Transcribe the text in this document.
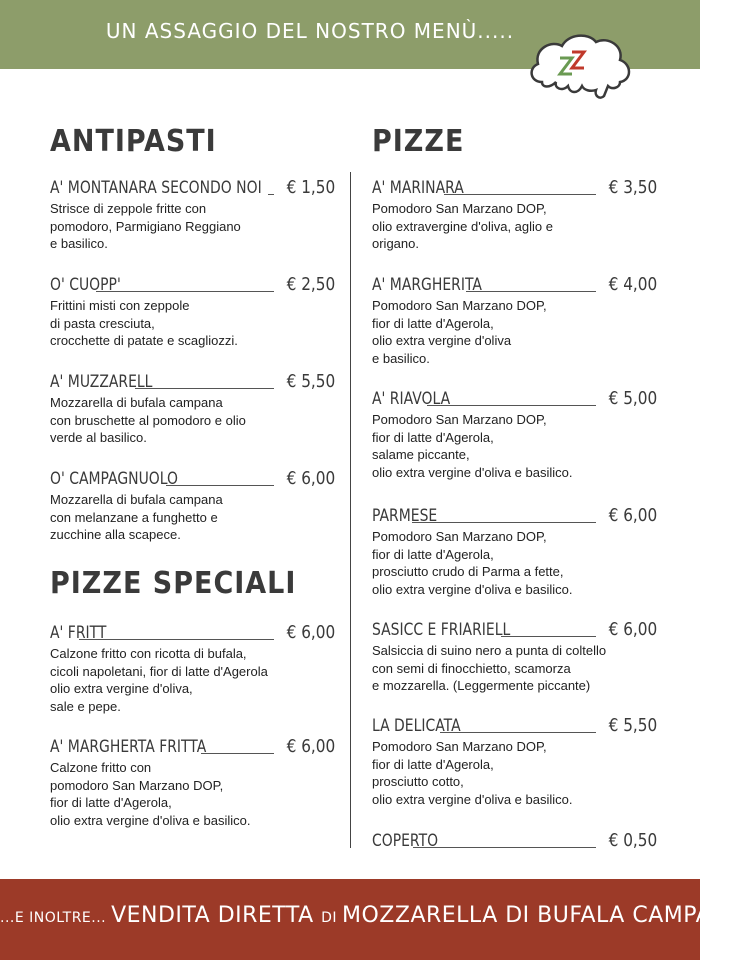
UN ASSAGGIO DEL NOSTRO MENÙ.....
ANTIPASTI	PIZZE
PIZZE SPECIALI
A' MONTANARA SECONDO NOI € 1,50
Strisce di zeppole fritte con
pomodoro, Parmigiano Reggiano
e basilico.
O' CUOPP'	€ 2,50
Frittini misti con zeppole
di pasta cresciuta,
crocchette di patate e scagliozzi.
A' MUZZARELL	€ 5,50
Mozzarella di bufala campana
con bruschette al pomodoro e olio
verde al basilico.
O' CAMPAGNUOLO	€ 6,00
Mozzarella di bufala campana
con melanzane a funghetto e
zucchine alla scapece.
A' FRITT	€ 6,00
Calzone fritto con ricotta di bufala,
cicoli napoletani, fior di latte d'Agerola
olio extra vergine d'oliva,
sale e pepe.
A' MARGHERTA FRITTA	€ 6,00
Calzone fritto con
pomodoro San Marzano DOP,
fior di latte d'Agerola,
olio extra vergine d'oliva e basilico.
A' MARINARA	€ 3,50
Pomodoro San Marzano DOP,
olio extravergine d'oliva, aglio e
origano.
A' MARGHERITA	€ 4,00
Pomodoro San Marzano DOP,
fior di latte d'Agerola,
olio extra vergine d'oliva
e basilico.
A' RIAVOLA	€ 5,00
Pomodoro San Marzano DOP,
fior di latte d'Agerola,
salame piccante,
olio extra vergine d'oliva e basilico.
PARMESE	€ 6,00
Pomodoro San Marzano DOP,
fior di latte d'Agerola,
prosciutto crudo di Parma a fette,
olio extra vergine d'oliva e basilico.
SASICC E FRIARIELL	€ 6,00
Salsiccia di suino nero a punta di coltello
con semi di finocchietto, scamorza
e mozzarella. (Leggermente piccante)
LA DELICATA	€ 5,50
Pomodoro San Marzano DOP,
fior di latte d'Agerola,
prosciutto cotto,
olio extra vergine d'oliva e basilico.
COPERTO	€ 0,50
...E INOLTRE... VENDITA DIRETTA DI MOZZARELLA DI BUFALA CAMPANA!
